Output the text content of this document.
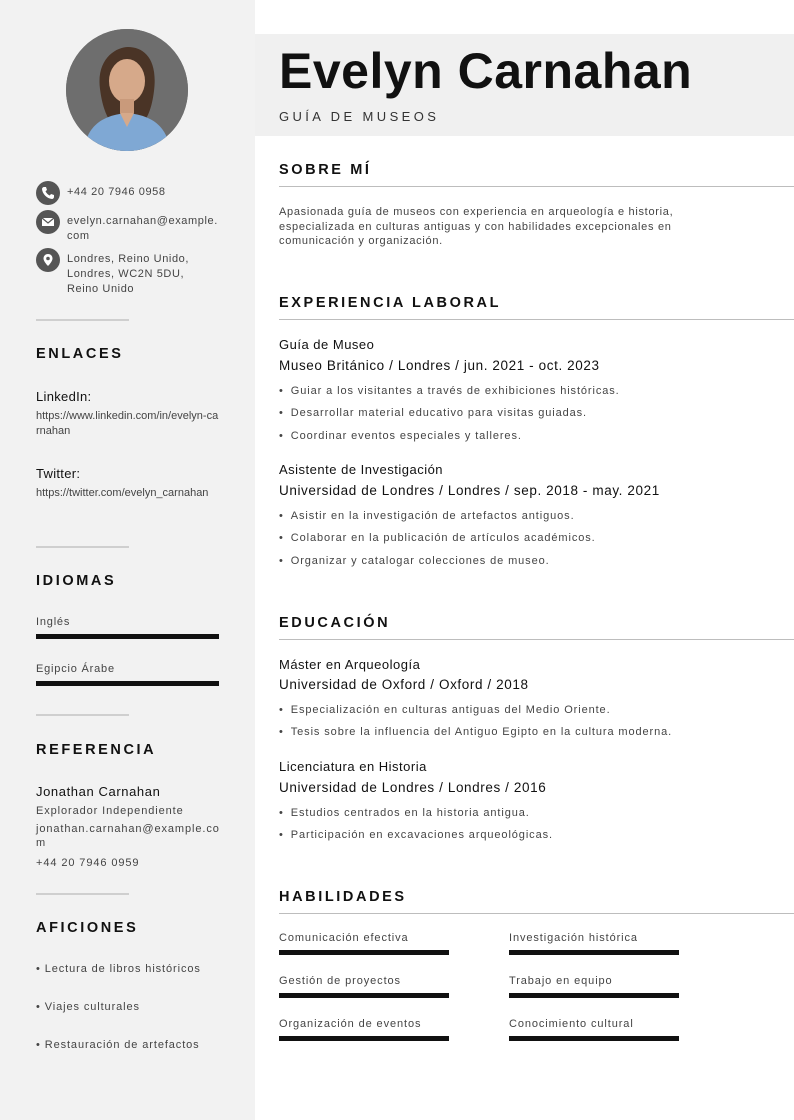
+44 20 7946 0958
evelyn.carnahan@example.com
Londres, Reino Unido, Londres, WC2N 5DU, Reino Unido
ENLACES
LinkedIn:
https://www.linkedin.com/in/evelyn-carnahan
Twitter:
https://twitter.com/evelyn_carnahan
IDIOMAS
Inglés
Egipcio Árabe
REFERENCIA
Jonathan Carnahan
Explorador Independiente
jonathan.carnahan@example.com
+44 20 7946 0959
AFICIONES
• Lectura de libros históricos
• Viajes culturales
• Restauración de artefactos
Evelyn Carnahan
GUÍA DE MUSEOS
SOBRE MÍ
Apasionada guía de museos con experiencia en arqueología e historia, especializada en culturas antiguas y con habilidades excepcionales en comunicación y organización.
EXPERIENCIA LABORAL
Guía de Museo
Museo Británico / Londres / jun. 2021 - oct. 2023
• Guiar a los visitantes a través de exhibiciones históricas.
• Desarrollar material educativo para visitas guiadas.
• Coordinar eventos especiales y talleres.
Asistente de Investigación
Universidad de Londres / Londres / sep. 2018 - may. 2021
• Asistir en la investigación de artefactos antiguos.
• Colaborar en la publicación de artículos académicos.
• Organizar y catalogar colecciones de museo.
EDUCACIÓN
Máster en Arqueología
Universidad de Oxford / Oxford / 2018
• Especialización en culturas antiguas del Medio Oriente.
• Tesis sobre la influencia del Antiguo Egipto en la cultura moderna.
Licenciatura en Historia
Universidad de Londres / Londres / 2016
• Estudios centrados en la historia antigua.
• Participación en excavaciones arqueológicas.
HABILIDADES
Comunicación efectiva	Investigación histórica
Gestión de proyectos	Trabajo en equipo
Organización de eventos	Conocimiento cultural
